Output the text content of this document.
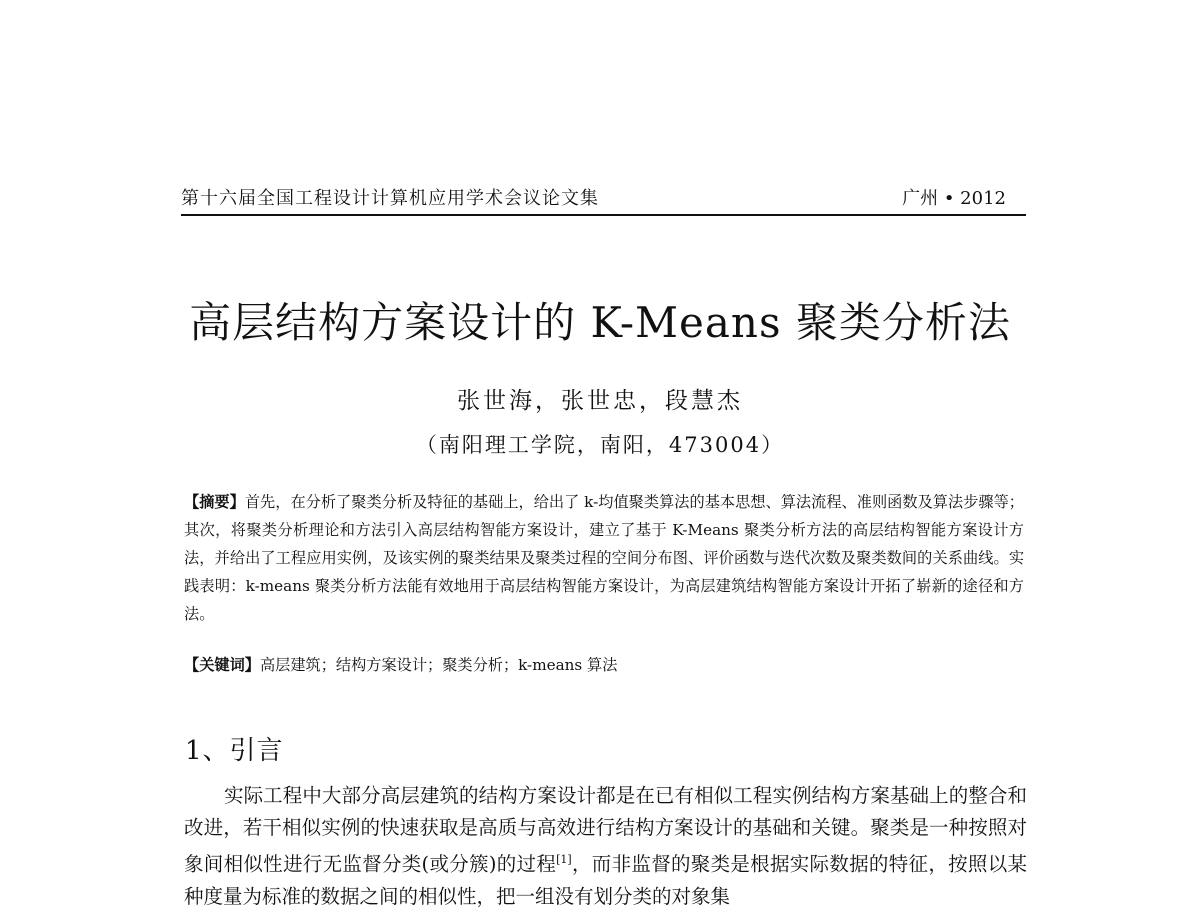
第十六届全国工程设计计算机应用学术会议论文集	广州 • 2012
高层结构方案设计的 K-Means 聚类分析法
张世海，张世忠，段慧杰
（南阳理工学院，南阳，473004）
【摘要】首先，在分析了聚类分析及特征的基础上，给出了 k-均值聚类算法的基本思想、算法流程、准则函数及算法步骤等；其次，将聚类分析理论和方法引入高层结构智能方案设计，建立了基于 K-Means 聚类分析方法的高层结构智能方案设计方法，并给出了工程应用实例，及该实例的聚类结果及聚类过程的空间分布图、评价函数与迭代次数及聚类数间的关系曲线。实践表明：k-means 聚类分析方法能有效地用于高层结构智能方案设计，为高层建筑结构智能方案设计开拓了崭新的途径和方法。
【关键词】高层建筑；结构方案设计；聚类分析；k-means 算法
1、引言
实际工程中大部分高层建筑的结构方案设计都是在已有相似工程实例结构方案基础上的整合和改进，若干相似实例的快速获取是高质与高效进行结构方案设计的基础和关键。聚类是一种按照对象间相似性进行无监督分类(或分簇)的过程[1]，而非监督的聚类是根据实际数据的特征，按照以某种度量为标准的数据之间的相似性，把一组没有划分类的对象集
